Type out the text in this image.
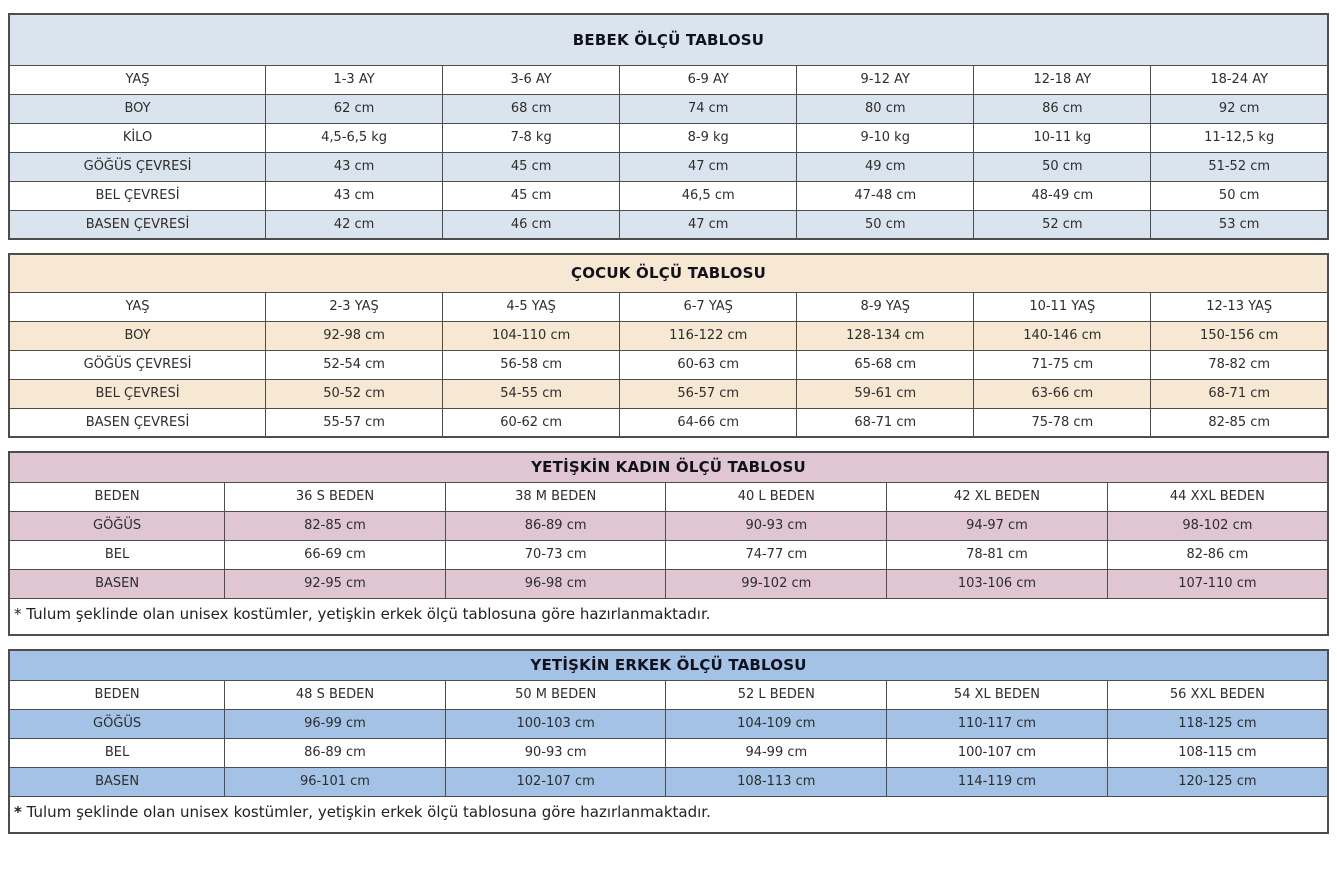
BEBEK ÖLÇÜ TABLOSU						
YAŞ	1-3 AY	3-6 AY	6-9 AY	9-12 AY	12-18 AY	18-24 AY
BOY	62 cm	68 cm	74 cm	80 cm	86 cm	92 cm
KİLO	4,5-6,5 kg	7-8 kg	8-9 kg	9-10 kg	10-11 kg	11-12,5 kg
GÖĞÜS ÇEVRESİ	43 cm	45 cm	47 cm	49 cm	50 cm	51-52 cm
BEL ÇEVRESİ	43 cm	45 cm	46,5 cm	47-48 cm	48-49 cm	50 cm
BASEN ÇEVRESİ	42 cm	46 cm	47 cm	50 cm	52 cm	53 cm
ÇOCUK ÖLÇÜ TABLOSU						
YAŞ	2-3 YAŞ	4-5 YAŞ	6-7 YAŞ	8-9 YAŞ	10-11 YAŞ	12-13 YAŞ
BOY	92-98 cm	104-110 cm	116-122 cm	128-134 cm	140-146 cm	150-156 cm
GÖĞÜS ÇEVRESİ	52-54 cm	56-58 cm	60-63 cm	65-68 cm	71-75 cm	78-82 cm
BEL ÇEVRESİ	50-52 cm	54-55 cm	56-57 cm	59-61 cm	63-66 cm	68-71 cm
BASEN ÇEVRESİ	55-57 cm	60-62 cm	64-66 cm	68-71 cm	75-78 cm	82-85 cm
YETİŞKİN KADIN ÖLÇÜ TABLOSU					
BEDEN	36 S BEDEN	38 M BEDEN	40 L BEDEN	42 XL BEDEN	44 XXL BEDEN
GÖĞÜS	82-85 cm	86-89 cm	90-93 cm	94-97 cm	98-102 cm
BEL	66-69 cm	70-73 cm	74-77 cm	78-81 cm	82-86 cm
BASEN	92-95 cm	96-98 cm	99-102 cm	103-106 cm	107-110 cm
* Tulum şeklinde olan unisex kostümler, yetişkin erkek ölçü tablosuna göre hazırlanmaktadır.					
YETİŞKİN ERKEK ÖLÇÜ TABLOSU					
BEDEN	48 S BEDEN	50 M BEDEN	52 L BEDEN	54 XL BEDEN	56 XXL BEDEN
GÖĞÜS	96-99 cm	100-103 cm	104-109 cm	110-117 cm	118-125 cm
BEL	86-89 cm	90-93 cm	94-99 cm	100-107 cm	108-115 cm
BASEN	96-101 cm	102-107 cm	108-113 cm	114-119 cm	120-125 cm
* Tulum şeklinde olan unisex kostümler, yetişkin erkek ölçü tablosuna göre hazırlanmaktadır.					
